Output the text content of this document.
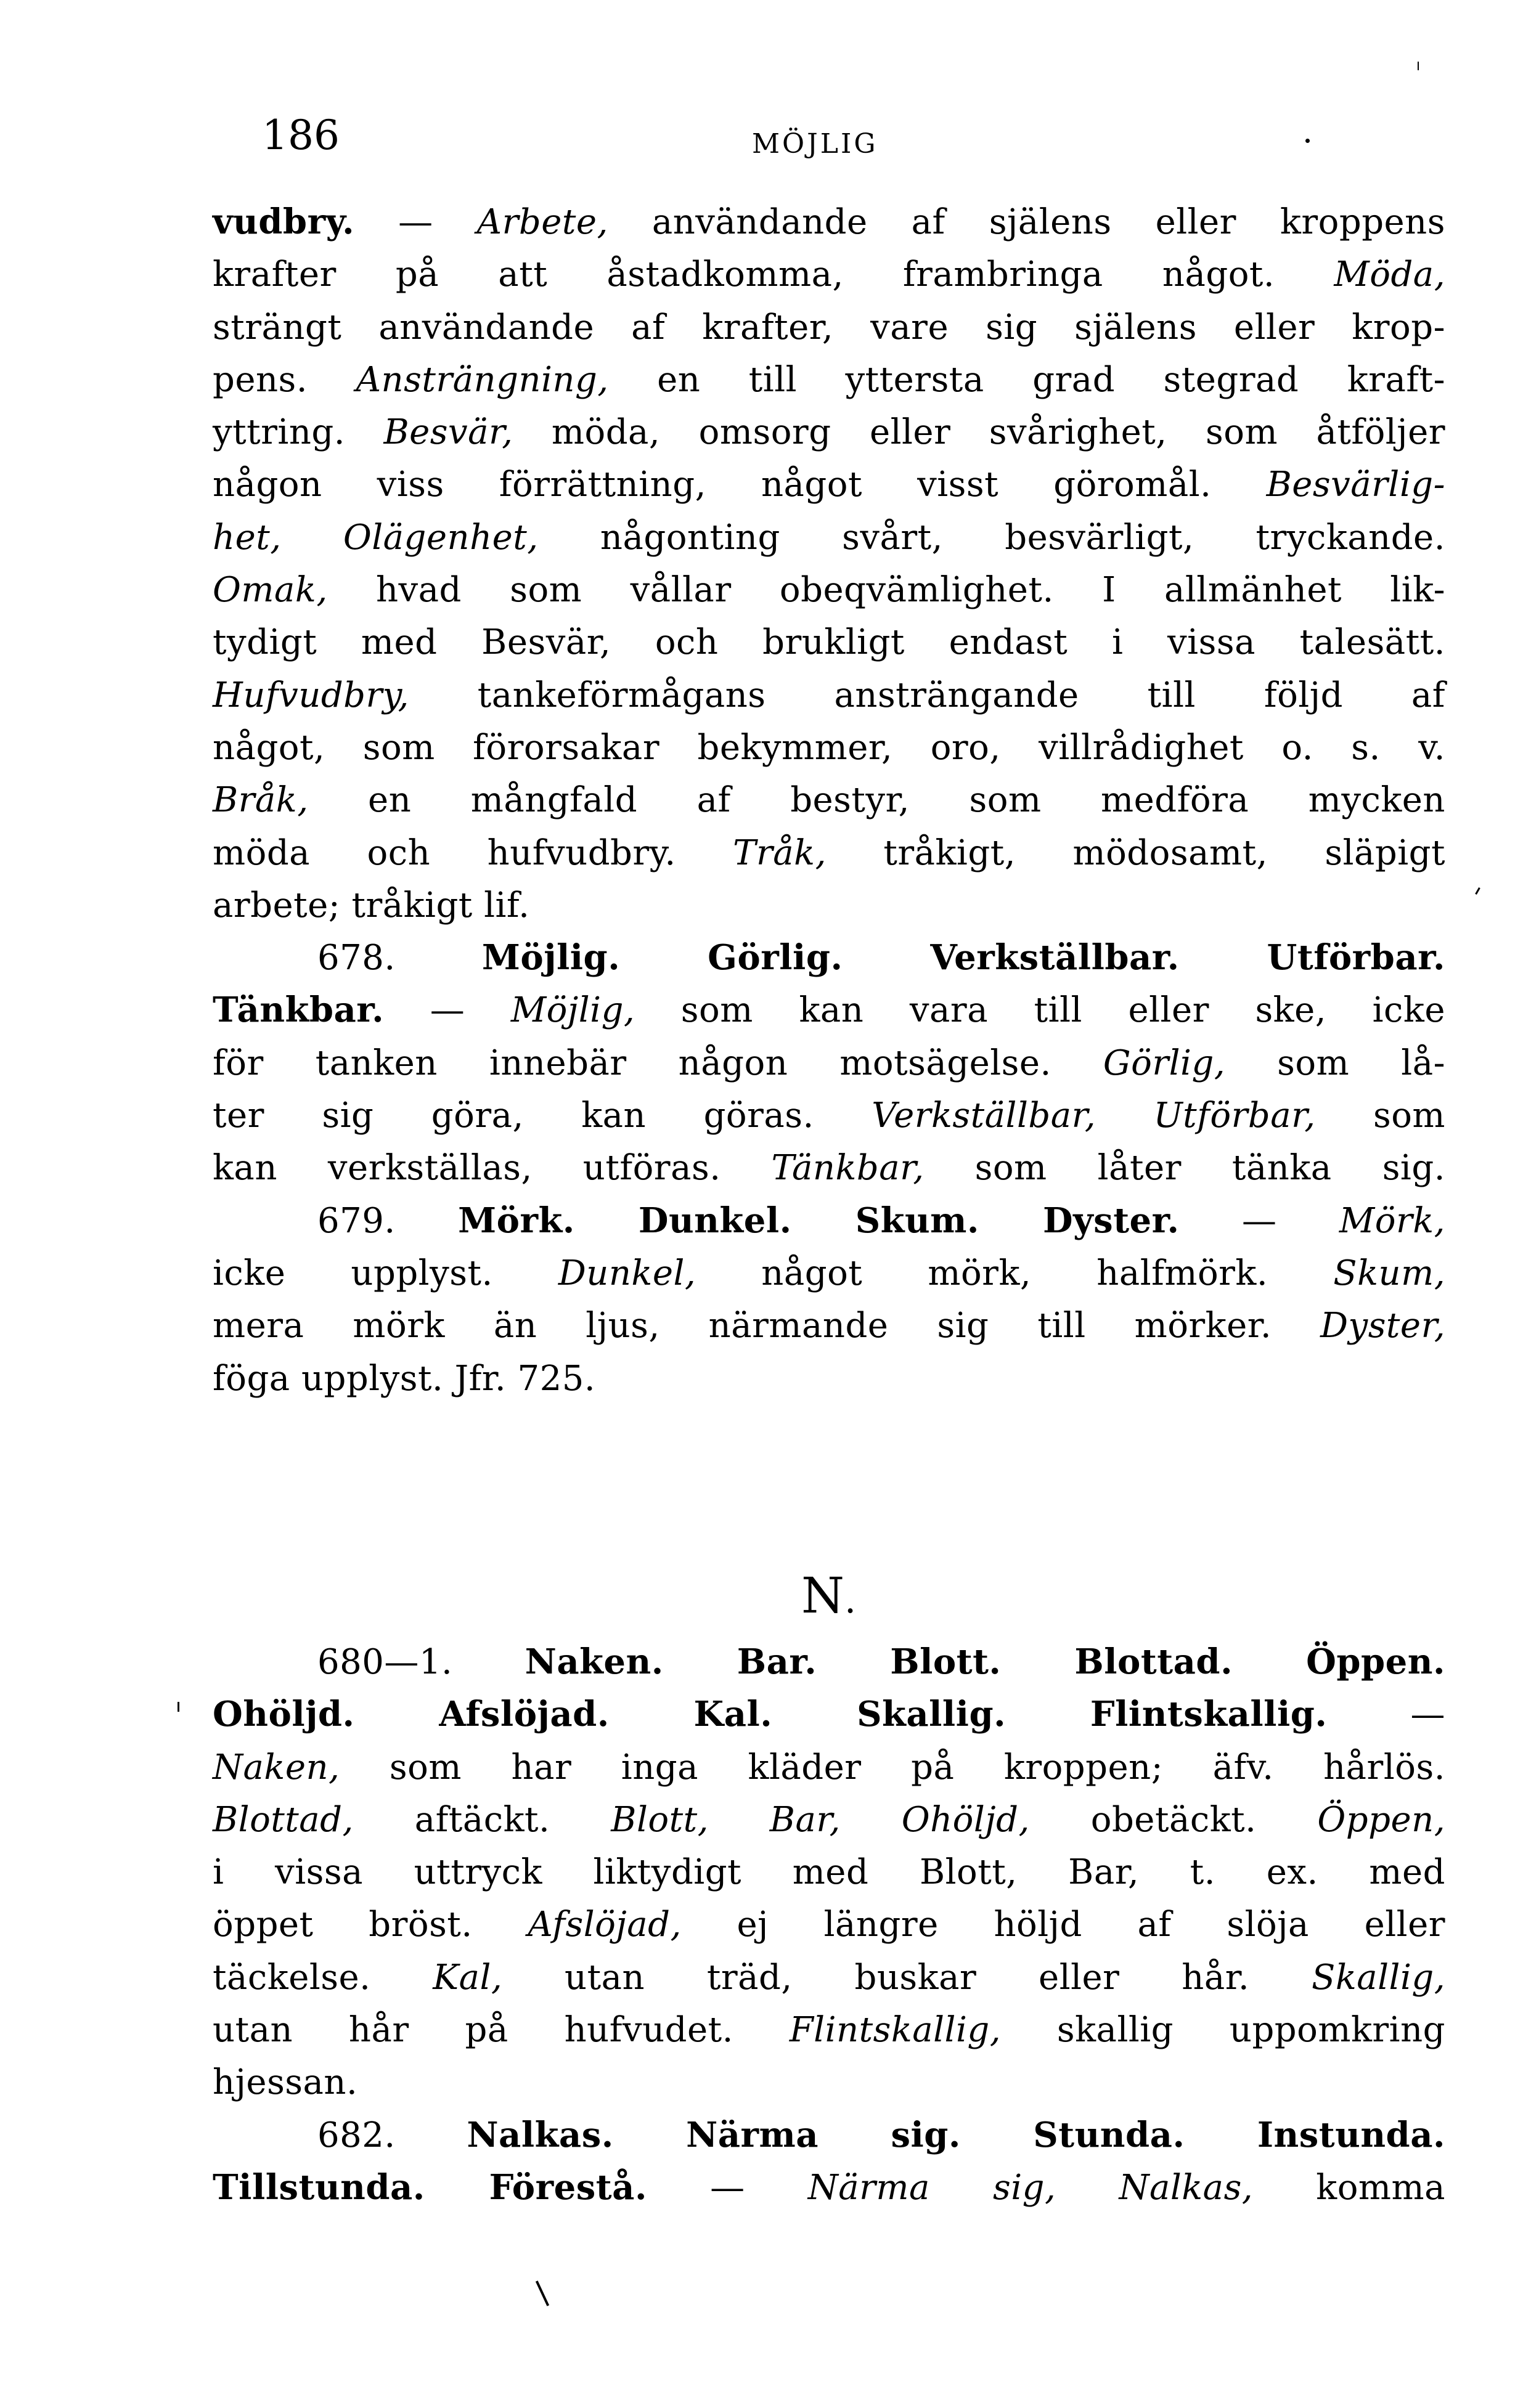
186	MÖJLIG
vudbry. — Arbete, användande af själens eller kroppens
krafter på att åstadkomma, frambringa något. Möda,
strängt användande af krafter, vare sig själens eller krop-
pens. Ansträngning, en till yttersta grad stegrad kraft-
yttring. Besvär, möda, omsorg eller svårighet, som åtföljer
någon viss förrättning, något visst göromål. Besvärlig-
het, Olägenhet, någonting svårt, besvärligt, tryckande.
Omak, hvad som vållar obeqvämlighet. I allmänhet lik-
tydigt med Besvär, och brukligt endast i vissa talesätt.
Hufvudbry, tankeförmågans ansträngande till följd af
något, som förorsakar bekymmer, oro, villrådighet o. s. v.
Bråk, en mångfald af bestyr, som medföra mycken
möda och hufvudbry. Tråk, tråkigt, mödosamt, släpigt
arbete; tråkigt lif.
678. Möjlig. Görlig. Verkställbar. Utförbar.
Tänkbar. — Möjlig, som kan vara till eller ske, icke
för tanken innebär någon motsägelse. Görlig, som lå-
ter sig göra, kan göras. Verkställbar, Utförbar, som
kan verkställas, utföras. Tänkbar, som låter tänka sig.
679. Mörk. Dunkel. Skum. Dyster. — Mörk,
icke upplyst. Dunkel, något mörk, halfmörk. Skum,
mera mörk än ljus, närmande sig till mörker. Dyster,
föga upplyst. Jfr. 725.
N.
680—1. Naken. Bar. Blott. Blottad. Öppen.
Ohöljd. Afslöjad. Kal. Skallig. Flintskallig. —
Naken, som har inga kläder på kroppen; äfv. hårlös.
Blottad, aftäckt. Blott, Bar, Ohöljd, obetäckt. Öppen,
i vissa uttryck liktydigt med Blott, Bar, t. ex. med
öppet bröst. Afslöjad, ej längre höljd af slöja eller
täckelse. Kal, utan träd, buskar eller hår. Skallig,
utan hår på hufvudet. Flintskallig, skallig uppomkring
hjessan.
682. Nalkas. Närma sig. Stunda. Instunda.
Tillstunda. Förestå. — Närma sig, Nalkas, komma
